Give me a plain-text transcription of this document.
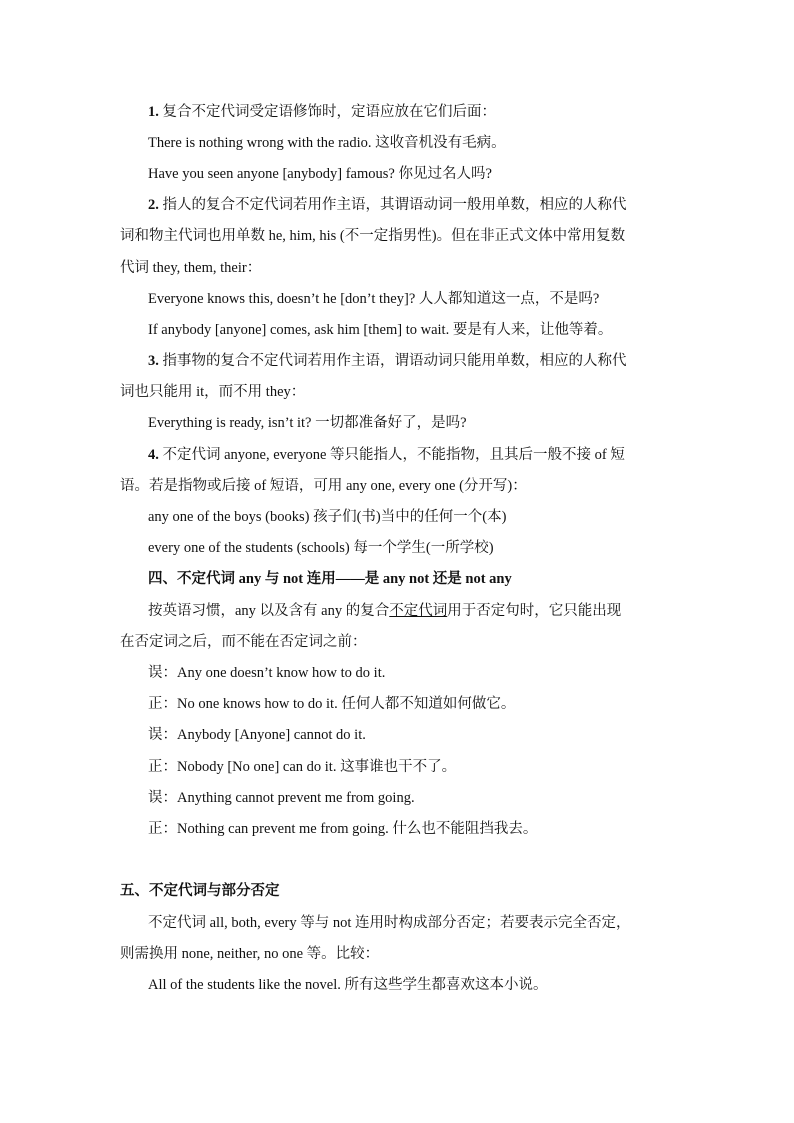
1. 复合不定代词受定语修饰时，定语应放在它们后面：
There is nothing wrong with the radio. 这收音机没有毛病。
Have you seen anyone [anybody] famous? 你见过名人吗?
2. 指人的复合不定代词若用作主语，其谓语动词一般用单数，相应的人称代
词和物主代词也用单数 he, him, his (不一定指男性)。但在非正式文体中常用复数
代词 they, them, their：
Everyone knows this, doesn’t he [don’t they]? 人人都知道这一点，不是吗?
If anybody [anyone] comes, ask him [them] to wait. 要是有人来，让他等着。
3. 指事物的复合不定代词若用作主语，谓语动词只能用单数，相应的人称代
词也只能用 it，而不用 they：
Everything is ready, isn’t it? 一切都准备好了，是吗?
4. 不定代词 anyone, everyone 等只能指人，不能指物，且其后一般不接 of 短
语。若是指物或后接 of 短语，可用 any one, every one (分开写)：
any one of the boys (books) 孩子们(书)当中的任何一个(本)
every one of the students (schools) 每一个学生(一所学校)
四、不定代词 any 与 not 连用——是 any not 还是 not any
按英语习惯，any 以及含有 any 的复合不定代词用于否定句时，它只能出现
在否定词之后，而不能在否定词之前：
误：Any one doesn’t know how to do it.
正：No one knows how to do it. 任何人都不知道如何做它。
误：Anybody [Anyone] cannot do it.
正：Nobody [No one] can do it. 这事谁也干不了。
误：Anything cannot prevent me from going.
正：Nothing can prevent me from going. 什么也不能阻挡我去。
五、不定代词与部分否定
不定代词 all, both, every 等与 not 连用时构成部分否定；若要表示完全否定，
则需换用 none, neither, no one 等。比较：
All of the students like the novel. 所有这些学生都喜欢这本小说。
